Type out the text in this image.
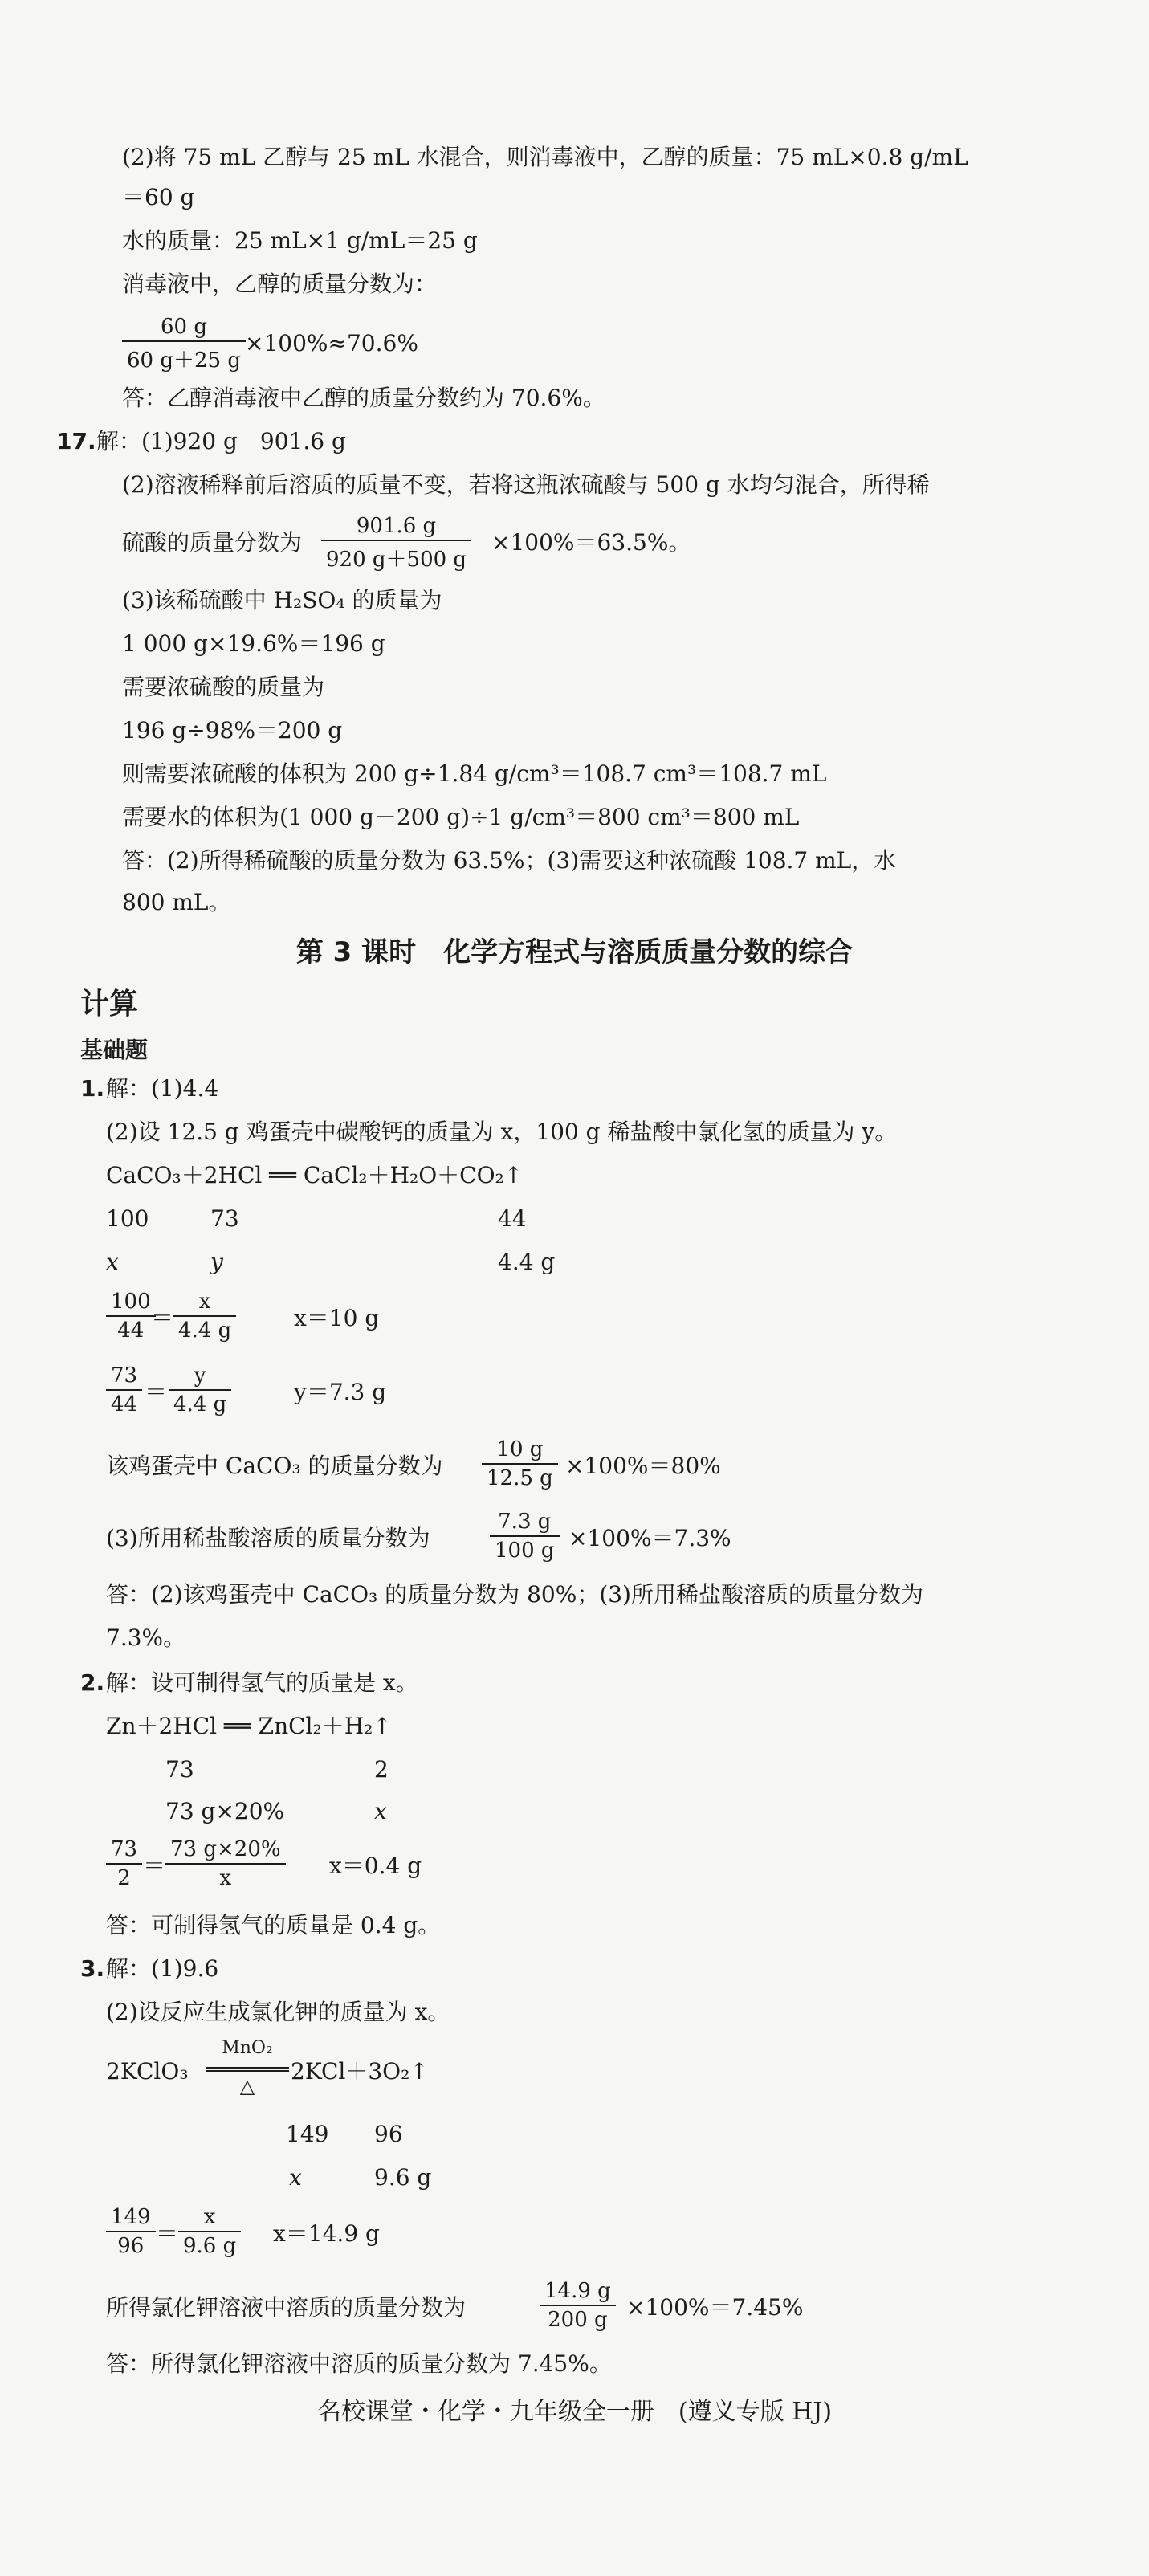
(2)将 75 mL 乙醇与 25 mL 水混合，则消毒液中，乙醇的质量：75 mL×0.8 g/mL
＝60 g
水的质量：25 mL×1 g/mL＝25 g
消毒液中，乙醇的质量分数为：
$\frac{60 g}{60 g+25 g} \times 100\%\approx 70.6\%$
答：乙醇消毒液中乙醇的质量分数约为 70.6%。
17. 解：(1)920 g　901.6 g
(2)溶液稀释前后溶质的质量不变，若将这瓶浓硫酸与 500 g 水均匀混合，所得稀
硫酸的质量分数为 $\frac{901.6 g}{920 g+500 g} \times 100\%=63.5\%$。
(3)该稀硫酸中 H₂SO₄ 的质量为
1 000 g×19.6%＝196 g
需要浓硫酸的质量为
196 g÷98%＝200 g
则需要浓硫酸的体积为 200 g÷1.84 g/cm³＝108.7 cm³＝108.7 mL
需要水的体积为(1 000 g－200 g)÷1 g/cm³＝800 cm³＝800 mL
答：(2)所得稀硫酸的质量分数为 63.5%；(3)需要这种浓硫酸 108.7 mL，水
800 mL。
第 3 课时　化学方程式与溶质质量分数的综合
计算
基础题
1. 解：(1)4.4
(2)设 12.5 g 鸡蛋壳中碳酸钙的质量为 x，100 g 稀盐酸中氯化氢的质量为 y。
CaCO₃＋2HCl ══ CaCl₂＋H₂O＋CO₂↑
100	73	44
x	y	4.4 g
$\frac{100}{44}$
＝ $\frac{x}{4.4 g}$	x＝10 g
$\frac{73}{44} = \frac{y}{4.4 g}$	y＝7.3 g
该鸡蛋壳中 CaCO₃ 的质量分数为 $\frac{10 g}{12.5 g} \times 100\%=80\%$
(3)所用稀盐酸溶质的质量分数为	$\frac{7.3 g}{100 g} \times 100\%=7.3\%$
答：(2)该鸡蛋壳中 CaCO₃ 的质量分数为 80%；(3)所用稀盐酸溶质的质量分数为
7.3%。
2. 解：设可制得氢气的质量是 x。
Zn＋2HCl ══ ZnCl₂＋H₂↑
73	2
73 g×20%	x
$\frac{73}{2} = \frac{73 g\times 20\%}{x} x=0.4$ g
答：可制得氢气的质量是 0.4 g。
3. 解：(1)9.6
(2)设反应生成氯化钾的质量为 x。
2KClO₃
MnO₂
△
2KCl＋3O₂↑
149 96
x	9.6 g
$\frac{149}{96} = \frac{x}{9.6 g} x=14.9$ g
所得氯化钾溶液中溶质的质量分数为	$\frac{14.9 g}{200 g} \times 100\%=7.45\%$
答：所得氯化钾溶液中溶质的质量分数为 7.45%。
名校课堂・化学・九年级全一册　(遵义专版 HJ)
